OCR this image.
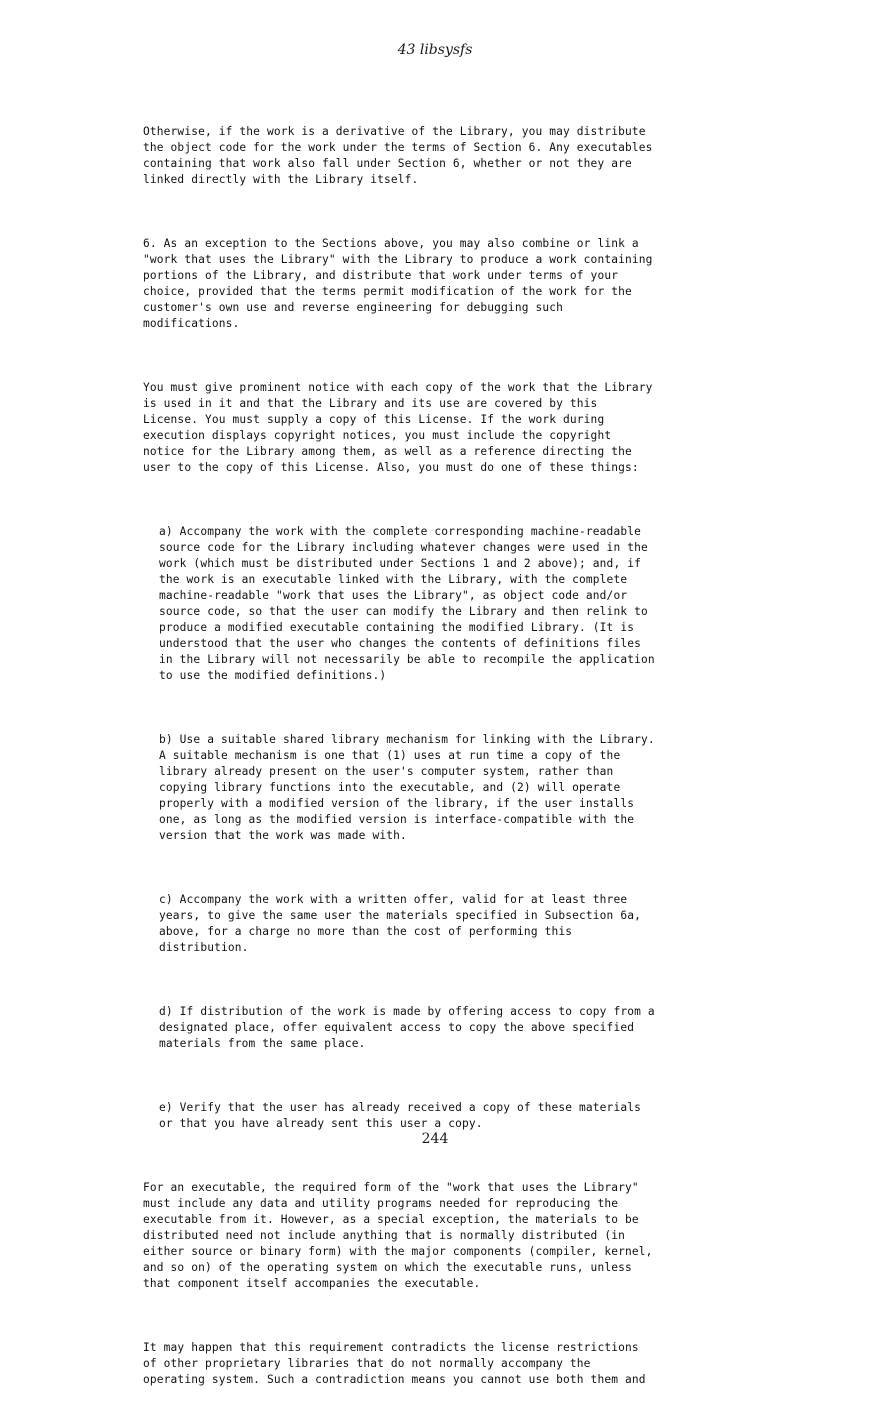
43 libsysfs

Otherwise, if the work is a derivative of the Library, you may distribute
the object code for the work under the terms of Section 6. Any executables
containing that work also fall under Section 6, whether or not they are
linked directly with the Library itself.

6. As an exception to the Sections above, you may also combine or link a
"work that uses the Library" with the Library to produce a work containing
portions of the Library, and distribute that work under terms of your
choice, provided that the terms permit modification of the work for the
customer's own use and reverse engineering for debugging such
modifications.

You must give prominent notice with each copy of the work that the Library
is used in it and that the Library and its use are covered by this
License. You must supply a copy of this License. If the work during
execution displays copyright notices, you must include the copyright
notice for the Library among them, as well as a reference directing the
user to the copy of this License. Also, you must do one of these things:

a) Accompany the work with the complete corresponding machine-readable
source code for the Library including whatever changes were used in the
work (which must be distributed under Sections 1 and 2 above); and, if
the work is an executable linked with the Library, with the complete
machine-readable "work that uses the Library", as object code and/or
source code, so that the user can modify the Library and then relink to
produce a modified executable containing the modified Library. (It is
understood that the user who changes the contents of definitions files
in the Library will not necessarily be able to recompile the application
to use the modified definitions.)

b) Use a suitable shared library mechanism for linking with the Library.
A suitable mechanism is one that (1) uses at run time a copy of the
library already present on the user's computer system, rather than
copying library functions into the executable, and (2) will operate
properly with a modified version of the library, if the user installs
one, as long as the modified version is interface-compatible with the
version that the work was made with.

c) Accompany the work with a written offer, valid for at least three
years, to give the same user the materials specified in Subsection 6a,
above, for a charge no more than the cost of performing this
distribution.

d) If distribution of the work is made by offering access to copy from a
designated place, offer equivalent access to copy the above specified
materials from the same place.

e) Verify that the user has already received a copy of these materials
or that you have already sent this user a copy.

For an executable, the required form of the "work that uses the Library"
must include any data and utility programs needed for reproducing the
executable from it. However, as a special exception, the materials to be
distributed need not include anything that is normally distributed (in
either source or binary form) with the major components (compiler, kernel,
and so on) of the operating system on which the executable runs, unless
that component itself accompanies the executable.

It may happen that this requirement contradicts the license restrictions
of other proprietary libraries that do not normally accompany the
operating system. Such a contradiction means you cannot use both them and

244
